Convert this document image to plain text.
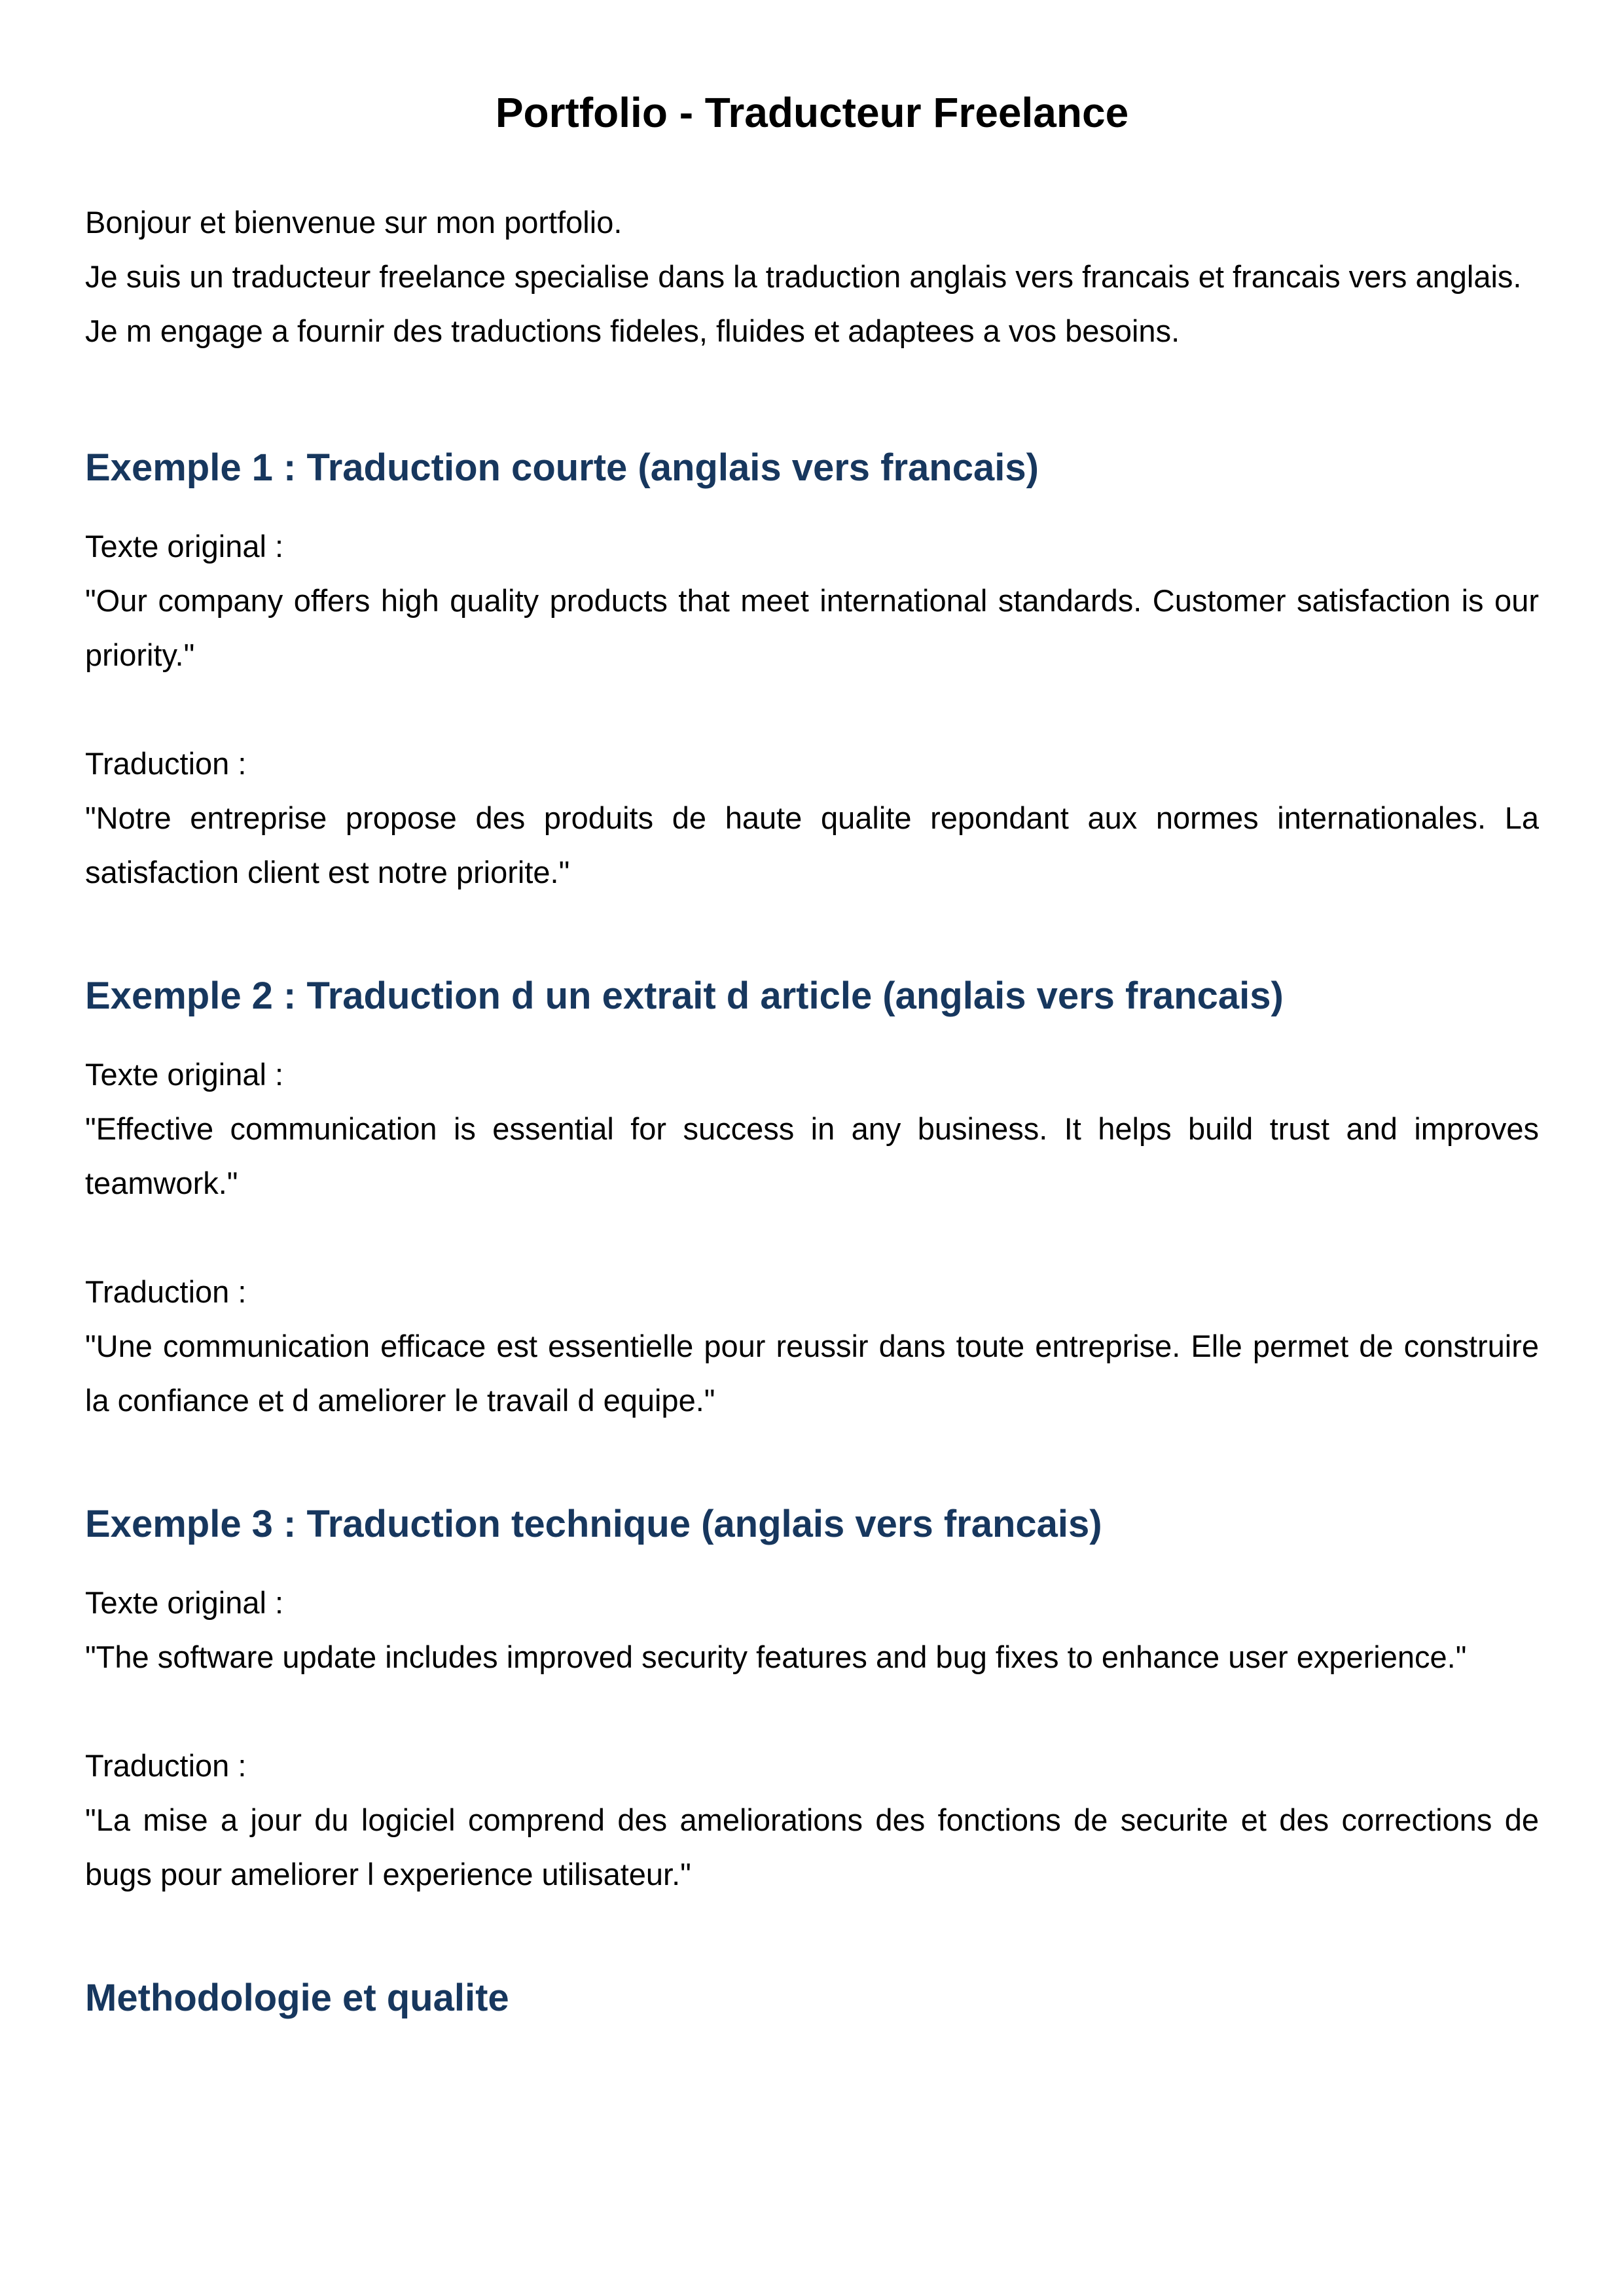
Portfolio - Traducteur Freelance

Bonjour et bienvenue sur mon portfolio.

Je suis un traducteur freelance specialise dans la traduction anglais vers francais et francais vers anglais.

Je m engage a fournir des traductions fideles, fluides et adaptees a vos besoins.

Exemple 1 : Traduction courte (anglais vers francais)

Texte original :

"Our company offers high quality products that meet international standards. Customer satisfaction is our priority."

Traduction :

"Notre entreprise propose des produits de haute qualite repondant aux normes internationales. La satisfaction client est notre priorite."

Exemple 2 : Traduction d un extrait d article (anglais vers francais)

Texte original :

"Effective communication is essential for success in any business. It helps build trust and improves teamwork."

Traduction :

"Une communication efficace est essentielle pour reussir dans toute entreprise. Elle permet de construire la confiance et d ameliorer le travail d equipe."

Exemple 3 : Traduction technique (anglais vers francais)

Texte original :

"The software update includes improved security features and bug fixes to enhance user experience."

Traduction :

"La mise a jour du logiciel comprend des ameliorations des fonctions de securite et des corrections de bugs pour ameliorer l experience utilisateur."

Methodologie et qualite
